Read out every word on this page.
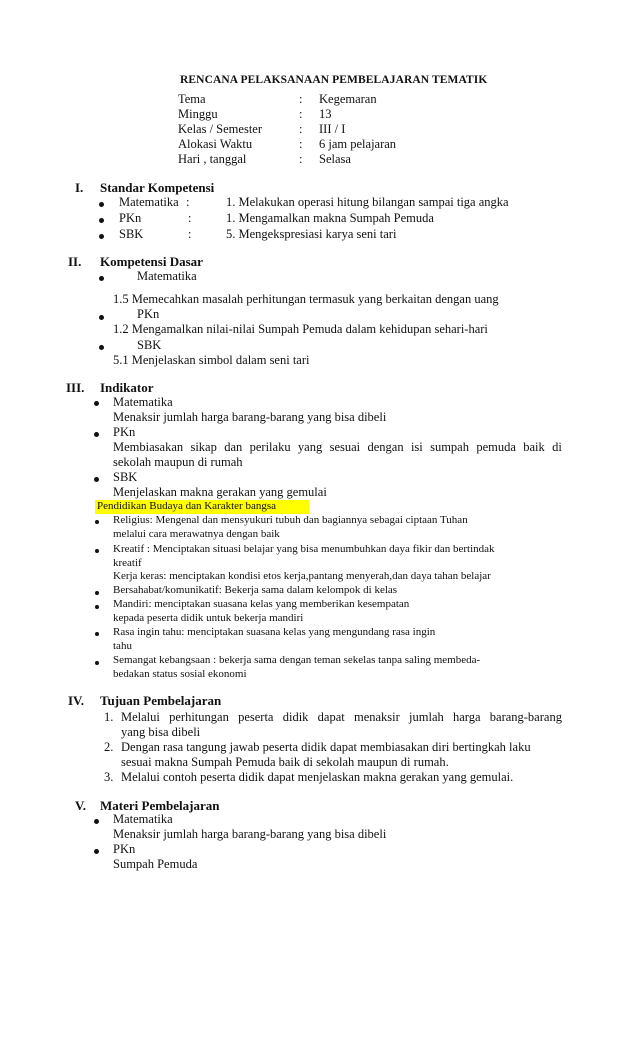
RENCANA PELAKSANAAN PEMBELAJARAN TEMATIK
Tema	: Kegemaran
Minggu	: 13
Kelas / Semester	: III / I
Alokasi Waktu	: 6 jam pelajaran
Hari , tanggal	: Selasa
I. Standar Kompetensi
Matematika :	1. Melakukan operasi hitung bilangan sampai tiga angka
PKn	:	1. Mengamalkan makna Sumpah Pemuda
SBK	:	5. Mengekspresiasi karya seni tari
II. Kompetensi Dasar
Matematika
1.5 Memecahkan masalah perhitungan termasuk yang berkaitan dengan uang
PKn
1.2 Mengamalkan nilai-nilai Sumpah Pemuda dalam kehidupan sehari-hari
SBK
5.1 Menjelaskan simbol dalam seni tari
III. Indikator
Matematika
Menaksir jumlah harga barang-barang yang bisa dibeli
PKn
Membiasakan sikap dan perilaku yang sesuai dengan isi sumpah pemuda baik di
sekolah maupun di rumah
SBK
Menjelaskan makna gerakan yang gemulai
Pendidikan Budaya dan Karakter bangsa
Religius: Mengenal dan mensyukuri tubuh dan bagiannya sebagai ciptaan Tuhan
melalui cara merawatnya dengan baik
Kreatif : Menciptakan situasi belajar yang bisa menumbuhkan daya fikir dan bertindak
kreatif
Kerja keras: menciptakan kondisi etos kerja,pantang menyerah,dan daya tahan belajar
Bersahabat/komunikatif: Bekerja sama dalam kelompok di kelas
Mandiri: menciptakan suasana kelas yang memberikan kesempatan
kepada peserta didik untuk bekerja mandiri
Rasa ingin tahu: menciptakan suasana kelas yang mengundang rasa ingin
tahu
Semangat kebangsaan : bekerja sama dengan teman sekelas tanpa saling membeda-
bedakan status sosial ekonomi
IV. Tujuan Pembelajaran
1. Melalui perhitungan peserta didik dapat menaksir jumlah harga barang-barang
yang bisa dibeli
2. Dengan rasa tangung jawab peserta didik dapat membiasakan diri bertingkah laku
sesuai makna Sumpah Pemuda baik di sekolah maupun di rumah.
3. Melalui contoh peserta didik dapat menjelaskan makna gerakan yang gemulai.
V. Materi Pembelajaran
Matematika
Menaksir jumlah harga barang-barang yang bisa dibeli
PKn
Sumpah Pemuda
